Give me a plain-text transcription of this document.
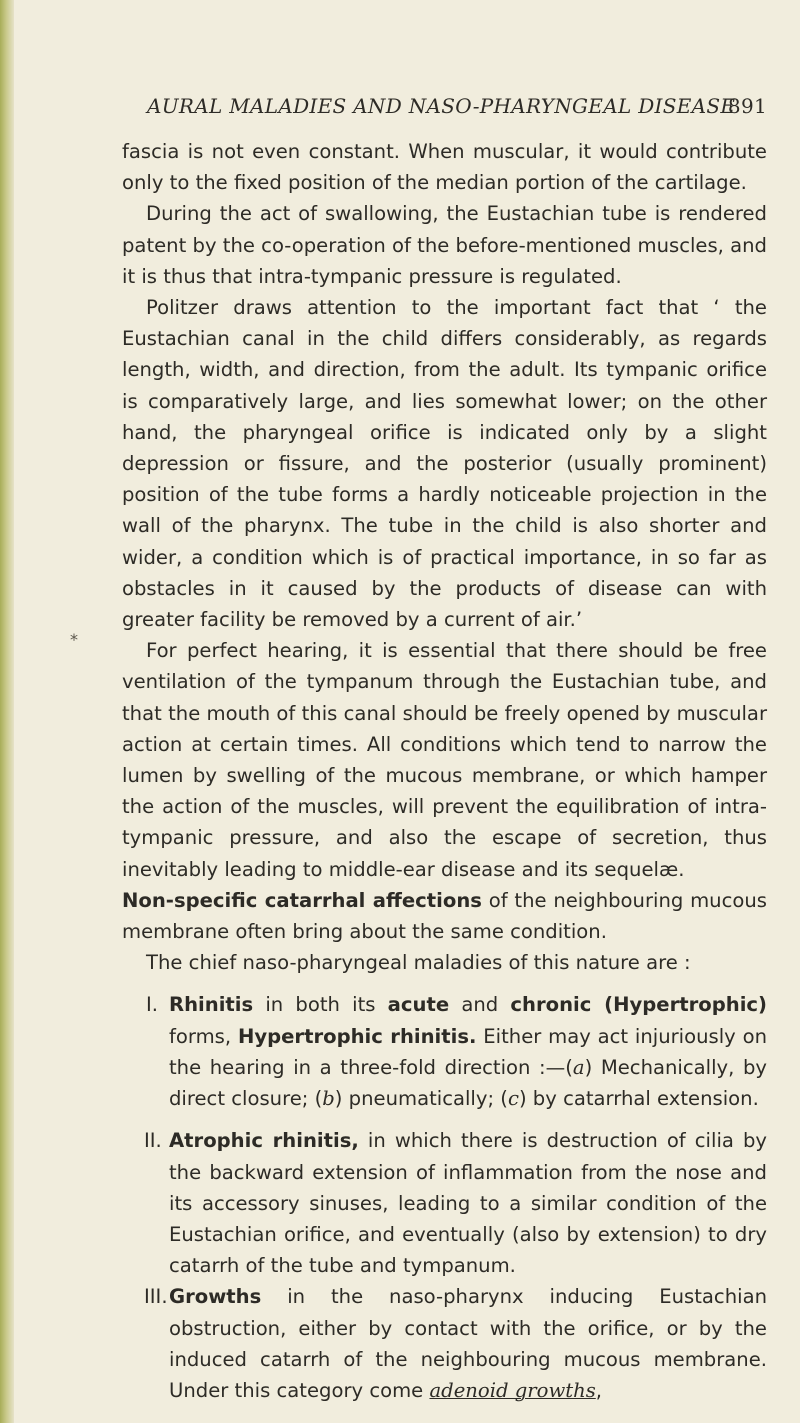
AURAL MALADIES AND NASO-PHARYNGEAL DISEASE
891
*

fascia is not even constant. When muscular, it would contribute only to the fixed position of the median portion of the cartilage.

During the act of swallowing, the Eustachian tube is rendered patent by the co-operation of the before-mentioned muscles, and it is thus that intra-tympanic pressure is regulated.

Politzer draws attention to the important fact that ‘ the Eustachian canal in the child differs considerably, as regards length, width, and direction, from the adult. Its tympanic orifice is comparatively large, and lies somewhat lower; on the other hand, the pharyngeal orifice is indicated only by a slight depression or fissure, and the posterior (usually prominent) position of the tube forms a hardly noticeable projection in the wall of the pharynx. The tube in the child is also shorter and wider, a condition which is of practical importance, in so far as obstacles in it caused by the products of disease can with greater facility be removed by a current of air.’

For perfect hearing, it is essential that there should be free ventilation of the tympanum through the Eustachian tube, and that the mouth of this canal should be freely opened by muscular action at certain times. All conditions which tend to narrow the lumen by swelling of the mucous membrane, or which hamper the action of the muscles, will prevent the equilibration of intra-tympanic pressure, and also the escape of secretion, thus inevitably leading to middle-ear disease and its sequelæ.

Non-specific catarrhal affections of the neighbouring mucous membrane often bring about the same condition.

The chief naso-pharyngeal maladies of this nature are :

I. Rhinitis in both its acute and chronic (Hypertrophic) forms, Hypertrophic rhinitis. Either may act injuriously on the hearing in a three-fold direction :—(a) Mechanically, by direct closure; (b) pneumatically; (c) by catarrhal extension.
II. Atrophic rhinitis, in which there is destruction of cilia by the backward extension of inflammation from the nose and its accessory sinuses, leading to a similar condition of the Eustachian orifice, and eventually (also by extension) to dry catarrh of the tube and tympanum.
III. Growths in the naso-pharynx inducing Eustachian obstruction, either by contact with the orifice, or by the induced catarrh of the neighbouring mucous membrane. Under this category come adenoid growths,
